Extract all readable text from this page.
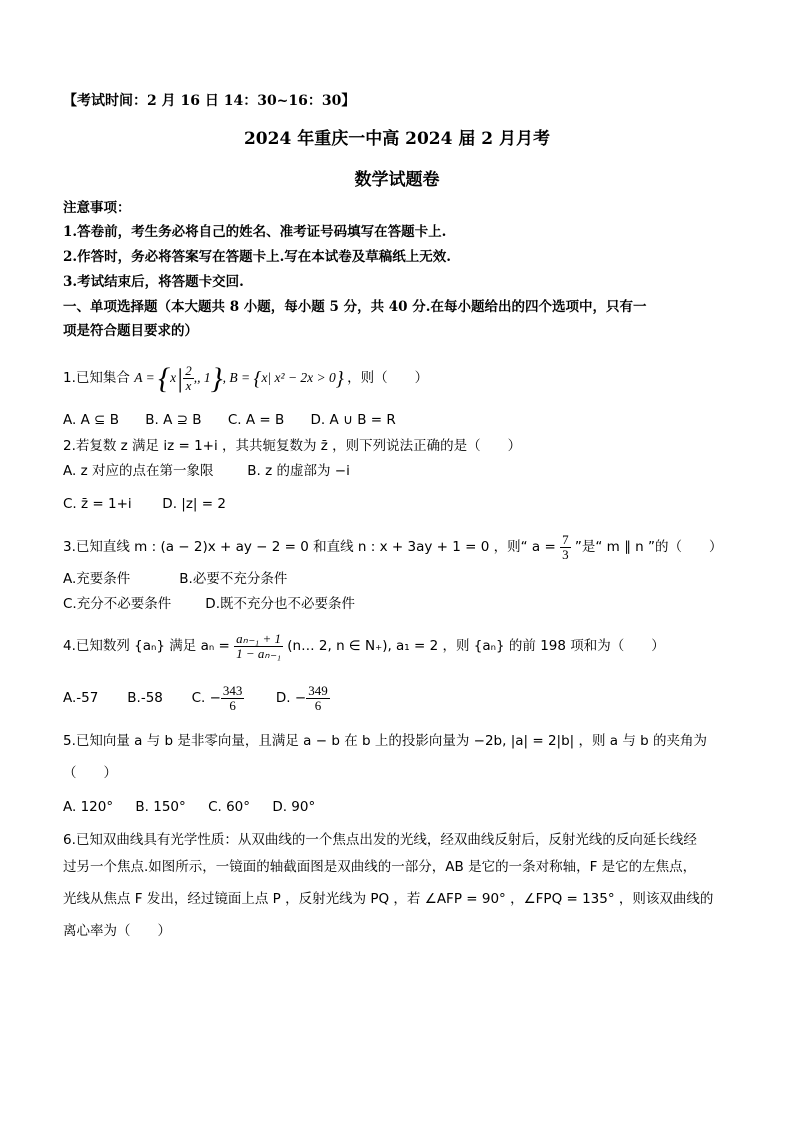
【考试时间：2 月 16 日 14：30~16：30】
2024 年重庆一中高 2024 届 2 月月考
数学试题卷
注意事项：
1.答卷前，考生务必将自己的姓名、准考证号码填写在答题卡上.
2.作答时，务必将答案写在答题卡上.写在本试卷及草稿纸上无效.
3.考试结束后，将答题卡交回.
一、单项选择题（本大题共 8 小题，每小题 5 分，共 40 分.在每小题给出的四个选项中，只有一
项是符合题目要求的）
1.已知集合 $A = \{x| \frac{2}{x}$ ,, 1}, B = {x| x² − 2x > 0} ，则（　　）
A. A ⊆ B B. A ⊇ B C. A = B D. A ∪ B = R
2.若复数 z 满足 iz = 1+i ，其共轭复数为 z̄ ，则下列说法正确的是（　　）
A. z 对应的点在第一象限	B. z 的虚部为 −i
C. z̄ = 1+i D. |z| = 2
3.已知直线 m : (a − 2)x + ay − 2 = 0 和直线 n : x + 3ay + 1 = 0 ，则“ $a = \frac{7}{3}$ ”是“ m ∥ n ”的（　　）
A.充要条件	B.必要不充分条件
C.充分不必要条件	D.既不充分也不必要条件
4.已知数列 {aₙ} 满足 $a_n = \frac{\text{aₙ₋₁ + 1}}{\text{1 − aₙ₋₁}}$ (n… 2, n ∈ N₊), a₁ = 2 ，则 {aₙ} 的前 198 项和为（　　）
A.-57 B.-58 C. − $\frac{343}{6} D$. − $\frac{349}{6}$
5.已知向量 a 与 b 是非零向量，且满足 a − b 在 b 上的投影向量为 −2b, |a| = 2|b| ，则 a 与 b 的夹角为
（　　）
A. 120° B. 150° C. 60° D. 90°
6.已知双曲线具有光学性质：从双曲线的一个焦点出发的光线，经双曲线反射后，反射光线的反向延长线经
过另一个焦点.如图所示，一镜面的轴截面图是双曲线的一部分，AB 是它的一条对称轴，F 是它的左焦点，
光线从焦点 F 发出，经过镜面上点 P ，反射光线为 PQ ，若 ∠AFP = 90° ，∠FPQ = 135° ，则该双曲线的
离心率为（　　）
